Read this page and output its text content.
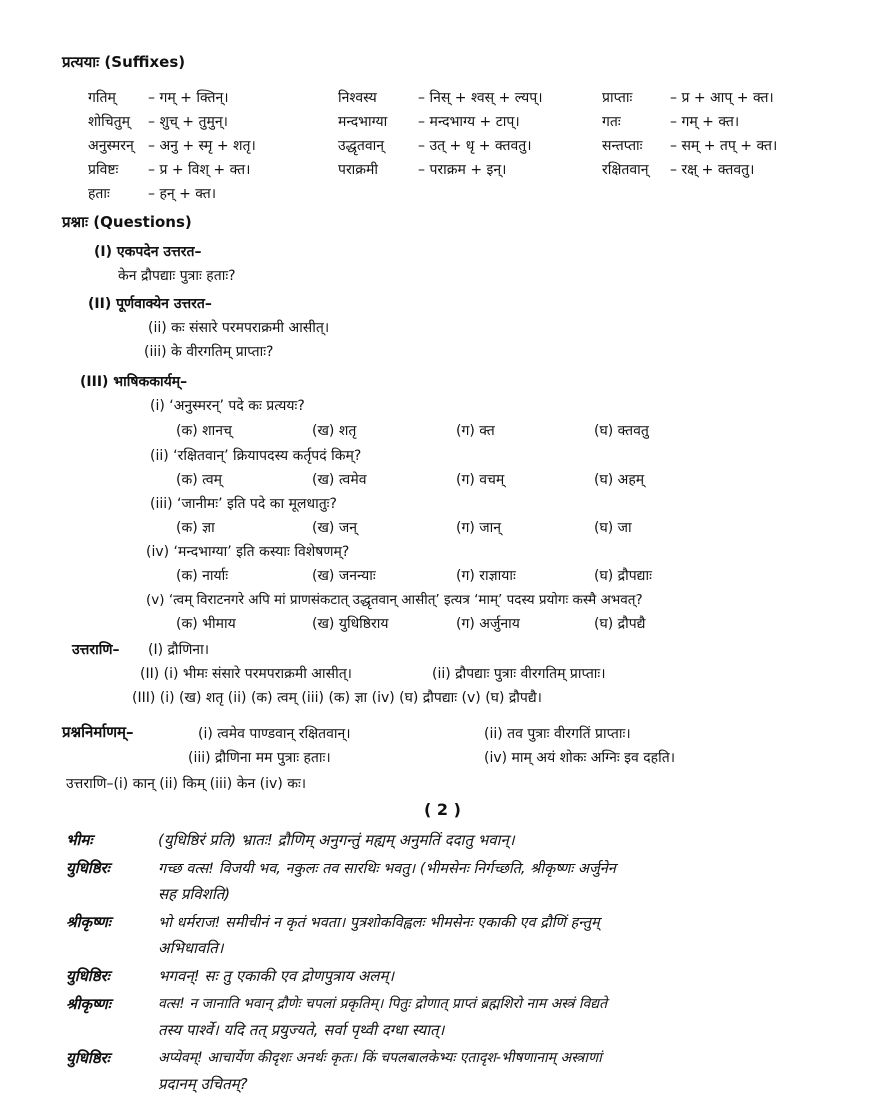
प्रत्ययाः (Suffixes)
गतिम् – गम् + क्तिन्।	निश्वस्य	– निस् + श्वस् + ल्यप्।	प्राप्ताः	– प्र + आप् + क्त।
शोचितुम् – शुच् + तुमुन्।	मन्दभाग्या – मन्दभाग्य + टाप्।	गतः	– गम् + क्त।
अनुस्मरन् – अनु + स्मृ + शतृ।	उद्धृतवान् – उत् + धृ + क्तवतु।	सन्तप्ताः – सम् + तप् + क्त।
प्रविष्टः – प्र + विश् + क्त।	पराक्रमी	– पराक्रम + इन्।	रक्षितवान् – रक्ष् + क्तवतु।
हताः	– हन् + क्त।
प्रश्नाः (Questions)
(I) एकपदेन उत्तरत–
केन द्रौपद्याः पुत्राः हताः?
(II) पूर्णवाक्येन उत्तरत–
(ii) कः संसारे परमपराक्रमी आसीत्।
(iii) के वीरगतिम् प्राप्ताः?
(III) भाषिककार्यम्–
(i) ‘अनुस्मरन्’ पदे कः प्रत्ययः?
(क) शानच्	(ख) शतृ	(ग) क्त	(घ) क्तवतु
(ii) ‘रक्षितवान्’ क्रियापदस्य कर्तृपदं किम्?
(क) त्वम्	(ख) त्वमेव	(ग) वचम्	(घ) अहम्
(iii) ‘जानीमः’ इति पदे का मूलधातुः?
(क) ज्ञा	(ख) जन्	(ग) जान्	(घ) जा
(iv) ‘मन्दभाग्या’ इति कस्याः विशेषणम्?
(क) नार्याः	(ख) जनन्याः	(ग) राज्ञायाः	(घ) द्रौपद्याः
(v) ‘त्वम् विराटनगरे अपि मां प्राणसंकटात् उद्धृतवान् आसीत्’ इत्यत्र ‘माम्’ पदस्य प्रयोगः कस्मै अभवत्?
(क) भीमाय	(ख) युधिष्ठिराय	(ग) अर्जुनाय	(घ) द्रौपद्यै
उत्तराणि– (I) द्रौणिना।
(II) (i) भीमः संसारे परमपराक्रमी आसीत्।	(ii) द्रौपद्याः पुत्राः वीरगतिम् प्राप्ताः।
(III) (i) (ख) शतृ (ii) (क) त्वम् (iii) (क) ज्ञा (iv) (घ) द्रौपद्याः (v) (घ) द्रौपद्यै।
प्रश्ननिर्माणम्–	(i) त्वमेव पाण्डवान् रक्षितवान्।	(ii) तव पुत्राः वीरगतिं प्राप्ताः।
(iii) द्रौणिना मम पुत्राः हताः।	(iv) माम् अयं शोकः अग्निः इव दहति।
उत्तराणि–(i) कान् (ii) किम् (iii) केन (iv) कः।
( 2 )
भीमः	(युधिष्ठिरं प्रति) भ्रातः! द्रौणिम् अनुगन्तुं मह्यम् अनुमतिं ददातु भवान्।
युधिष्ठिरः	गच्छ वत्स! विजयी भव, नकुलः तव सारथिः भवतु। (भीमसेनः निर्गच्छति, श्रीकृष्णः अर्जुनेन
सह प्रविशति)
श्रीकृष्णः	भो धर्मराज! समीचीनं न कृतं भवता। पुत्रशोकविह्वलः भीमसेनः एकाकी एव द्रौणिं हन्तुम्
अभिधावति।
युधिष्ठिरः	भगवन्! सः तु एकाकी एव द्रोणपुत्राय अलम्।
श्रीकृष्णः	वत्स! न जानाति भवान् द्रौणेः चपलां प्रकृतिम्। पितुः द्रोणात् प्राप्तं ब्रह्मशिरो नाम अस्त्रं विद्यते
तस्य पार्श्वे। यदि तत् प्रयुज्यते, सर्वा पृथ्वी दग्धा स्यात्।
युधिष्ठिरः	अप्येवम्! आचार्येण कीदृशः अनर्थः कृतः। किं चपलबालकेभ्यः एतादृश-भीषणानाम् अस्त्राणां
प्रदानम् उचितम्?
